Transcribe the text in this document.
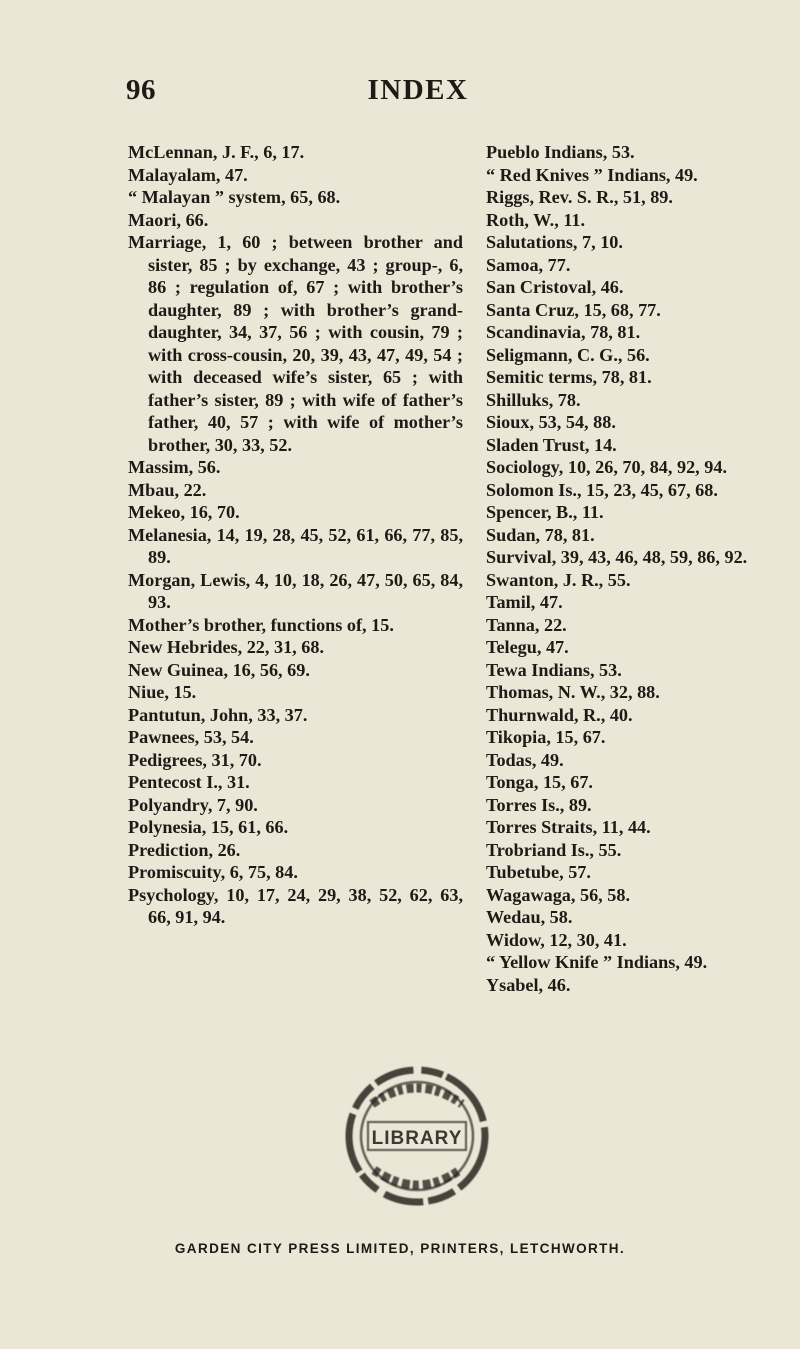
INDEX
96
McLennan, J. F., 6, 17.
Malayalam, 47.
“ Malayan ” system, 65, 68.
Maori, 66.
Marriage, 1, 60 ; between brother and sister, 85 ; by exchange, 43 ; group-, 6, 86 ; regulation of, 67 ; with brother’s daughter, 89 ; with brother’s grand-daughter, 34, 37, 56 ; with cousin, 79 ; with cross-cousin, 20, 39, 43, 47, 49, 54 ; with deceased wife’s sister, 65 ; with father’s sister, 89 ; with wife of father’s father, 40, 57 ; with wife of mother’s brother, 30, 33, 52.
Massim, 56.
Mbau, 22.
Mekeo, 16, 70.
Melanesia, 14, 19, 28, 45, 52, 61, 66, 77, 85, 89.
Morgan, Lewis, 4, 10, 18, 26, 47, 50, 65, 84, 93.
Mother’s brother, functions of, 15.
New Hebrides, 22, 31, 68.
New Guinea, 16, 56, 69.
Niue, 15.
Pantutun, John, 33, 37.
Pawnees, 53, 54.
Pedigrees, 31, 70.
Pentecost I., 31.
Polyandry, 7, 90.
Polynesia, 15, 61, 66.
Prediction, 26.
Promiscuity, 6, 75, 84.
Psychology, 10, 17, 24, 29, 38, 52, 62, 63, 66, 91, 94.
Pueblo Indians, 53.
“ Red Knives ” Indians, 49.
Riggs, Rev. S. R., 51, 89.
Roth, W., 11.
Salutations, 7, 10.
Samoa, 77.
San Cristoval, 46.
Santa Cruz, 15, 68, 77.
Scandinavia, 78, 81.
Seligmann, C. G., 56.
Semitic terms, 78, 81.
Shilluks, 78.
Sioux, 53, 54, 88.
Sladen Trust, 14.
Sociology, 10, 26, 70, 84, 92, 94.
Solomon Is., 15, 23, 45, 67, 68.
Spencer, B., 11.
Sudan, 78, 81.
Survival, 39, 43, 46, 48, 59, 86, 92.
Swanton, J. R., 55.
Tamil, 47.
Tanna, 22.
Telegu, 47.
Tewa Indians, 53.
Thomas, N. W., 32, 88.
Thurnwald, R., 40.
Tikopia, 15, 67.
Todas, 49.
Tonga, 15, 67.
Torres Is., 89.
Torres Straits, 11, 44.
Trobriand Is., 55.
Tubetube, 57.
Wagawaga, 56, 58.
Wedau, 58.
Widow, 12, 30, 41.
“ Yellow Knife ” Indians, 49.
Ysabel, 46.
LIBRARY
GARDEN CITY PRESS LIMITED, PRINTERS, LETCHWORTH.
